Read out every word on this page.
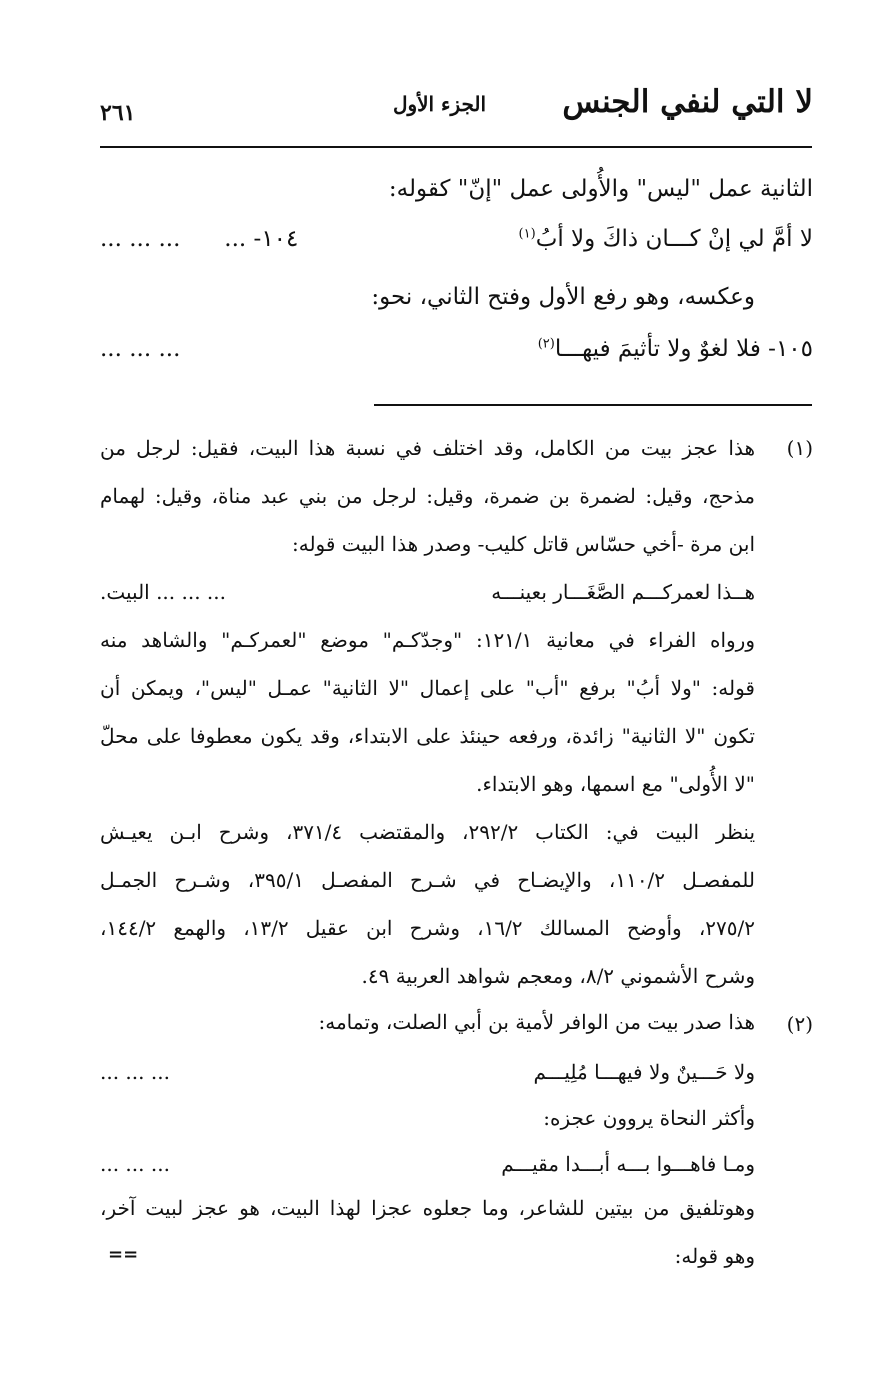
لا التي لنفي الجنس
الجزء الأول
٢٦١
الثانية عمل "ليس" والأُولى عمل "إنّ" كقوله:
لا أمَّ لي إنْ كـــان ذاكَ ولا أبُ$^{(١)}$
١٠٤- ...      ... ... ...
وعكسه، وهو رفع الأول وفتح الثاني، نحو:
١٠٥- فلا لغوٌ ولا تأثيمَ فيهـــا$^{(٢)}$
... ... ...
(١)
هذا عجز بيت من الكامل، وقد اختلف في نسبة هذا البيت، فقيل: لرجل من
مذحج، وقيل: لضمرة بن ضمرة، وقيل: لرجل من بني عبد مناة، وقيل: لهمام
ابن مرة -أخي حسّاس قاتل كليب- وصدر هذا البيت قوله:
هــذا لعمركـــم الصَّغَـــار بعينـــه
... ... ... البيت.
ورواه الفراء في معانية ١٢١/١: "وجدّكـم" موضع "لعمركـم" والشاهد منه
قوله: "ولا أبُ" برفع "أب" على إعمال "لا الثانية" عمـل "ليس"، ويمكن أن
تكون "لا الثانية" زائدة، ورفعه حينئذ على الابتداء، وقد يكون معطوفا على محلّ
"لا الأُولى" مع اسمها، وهو الابتداء.
ينظر البيت في: الكتاب ٢٩٢/٢، والمقتضب ٣٧١/٤، وشرح ابـن يعيـش
للمفصـل ١١٠/٢، والإيضـاح في شـرح المفصـل ٣٩٥/١، وشـرح الجمـل
٢٧٥/٢، وأوضح المسالك ١٦/٢، وشرح ابن عقيل ١٣/٢، والهمع ١٤٤/٢،
وشرح الأشموني ٨/٢، ومعجم شواهد العربية ٤٩.
(٢)
هذا صدر بيت من الوافر لأمية بن أبي الصلت، وتمامه:
ولا حَـــينٌ ولا فيهـــا مُلِيـــم
... ... ...
وأكثر النحاة يروون عجزه:
ومـا فاهـــوا بـــه أبـــدا مقيـــم
... ... ...
وهوتلفيق من بيتين للشاعر، وما جعلوه عجزا لهذا البيت، هو عجز لبيت آخر،
وهو قوله:
==
